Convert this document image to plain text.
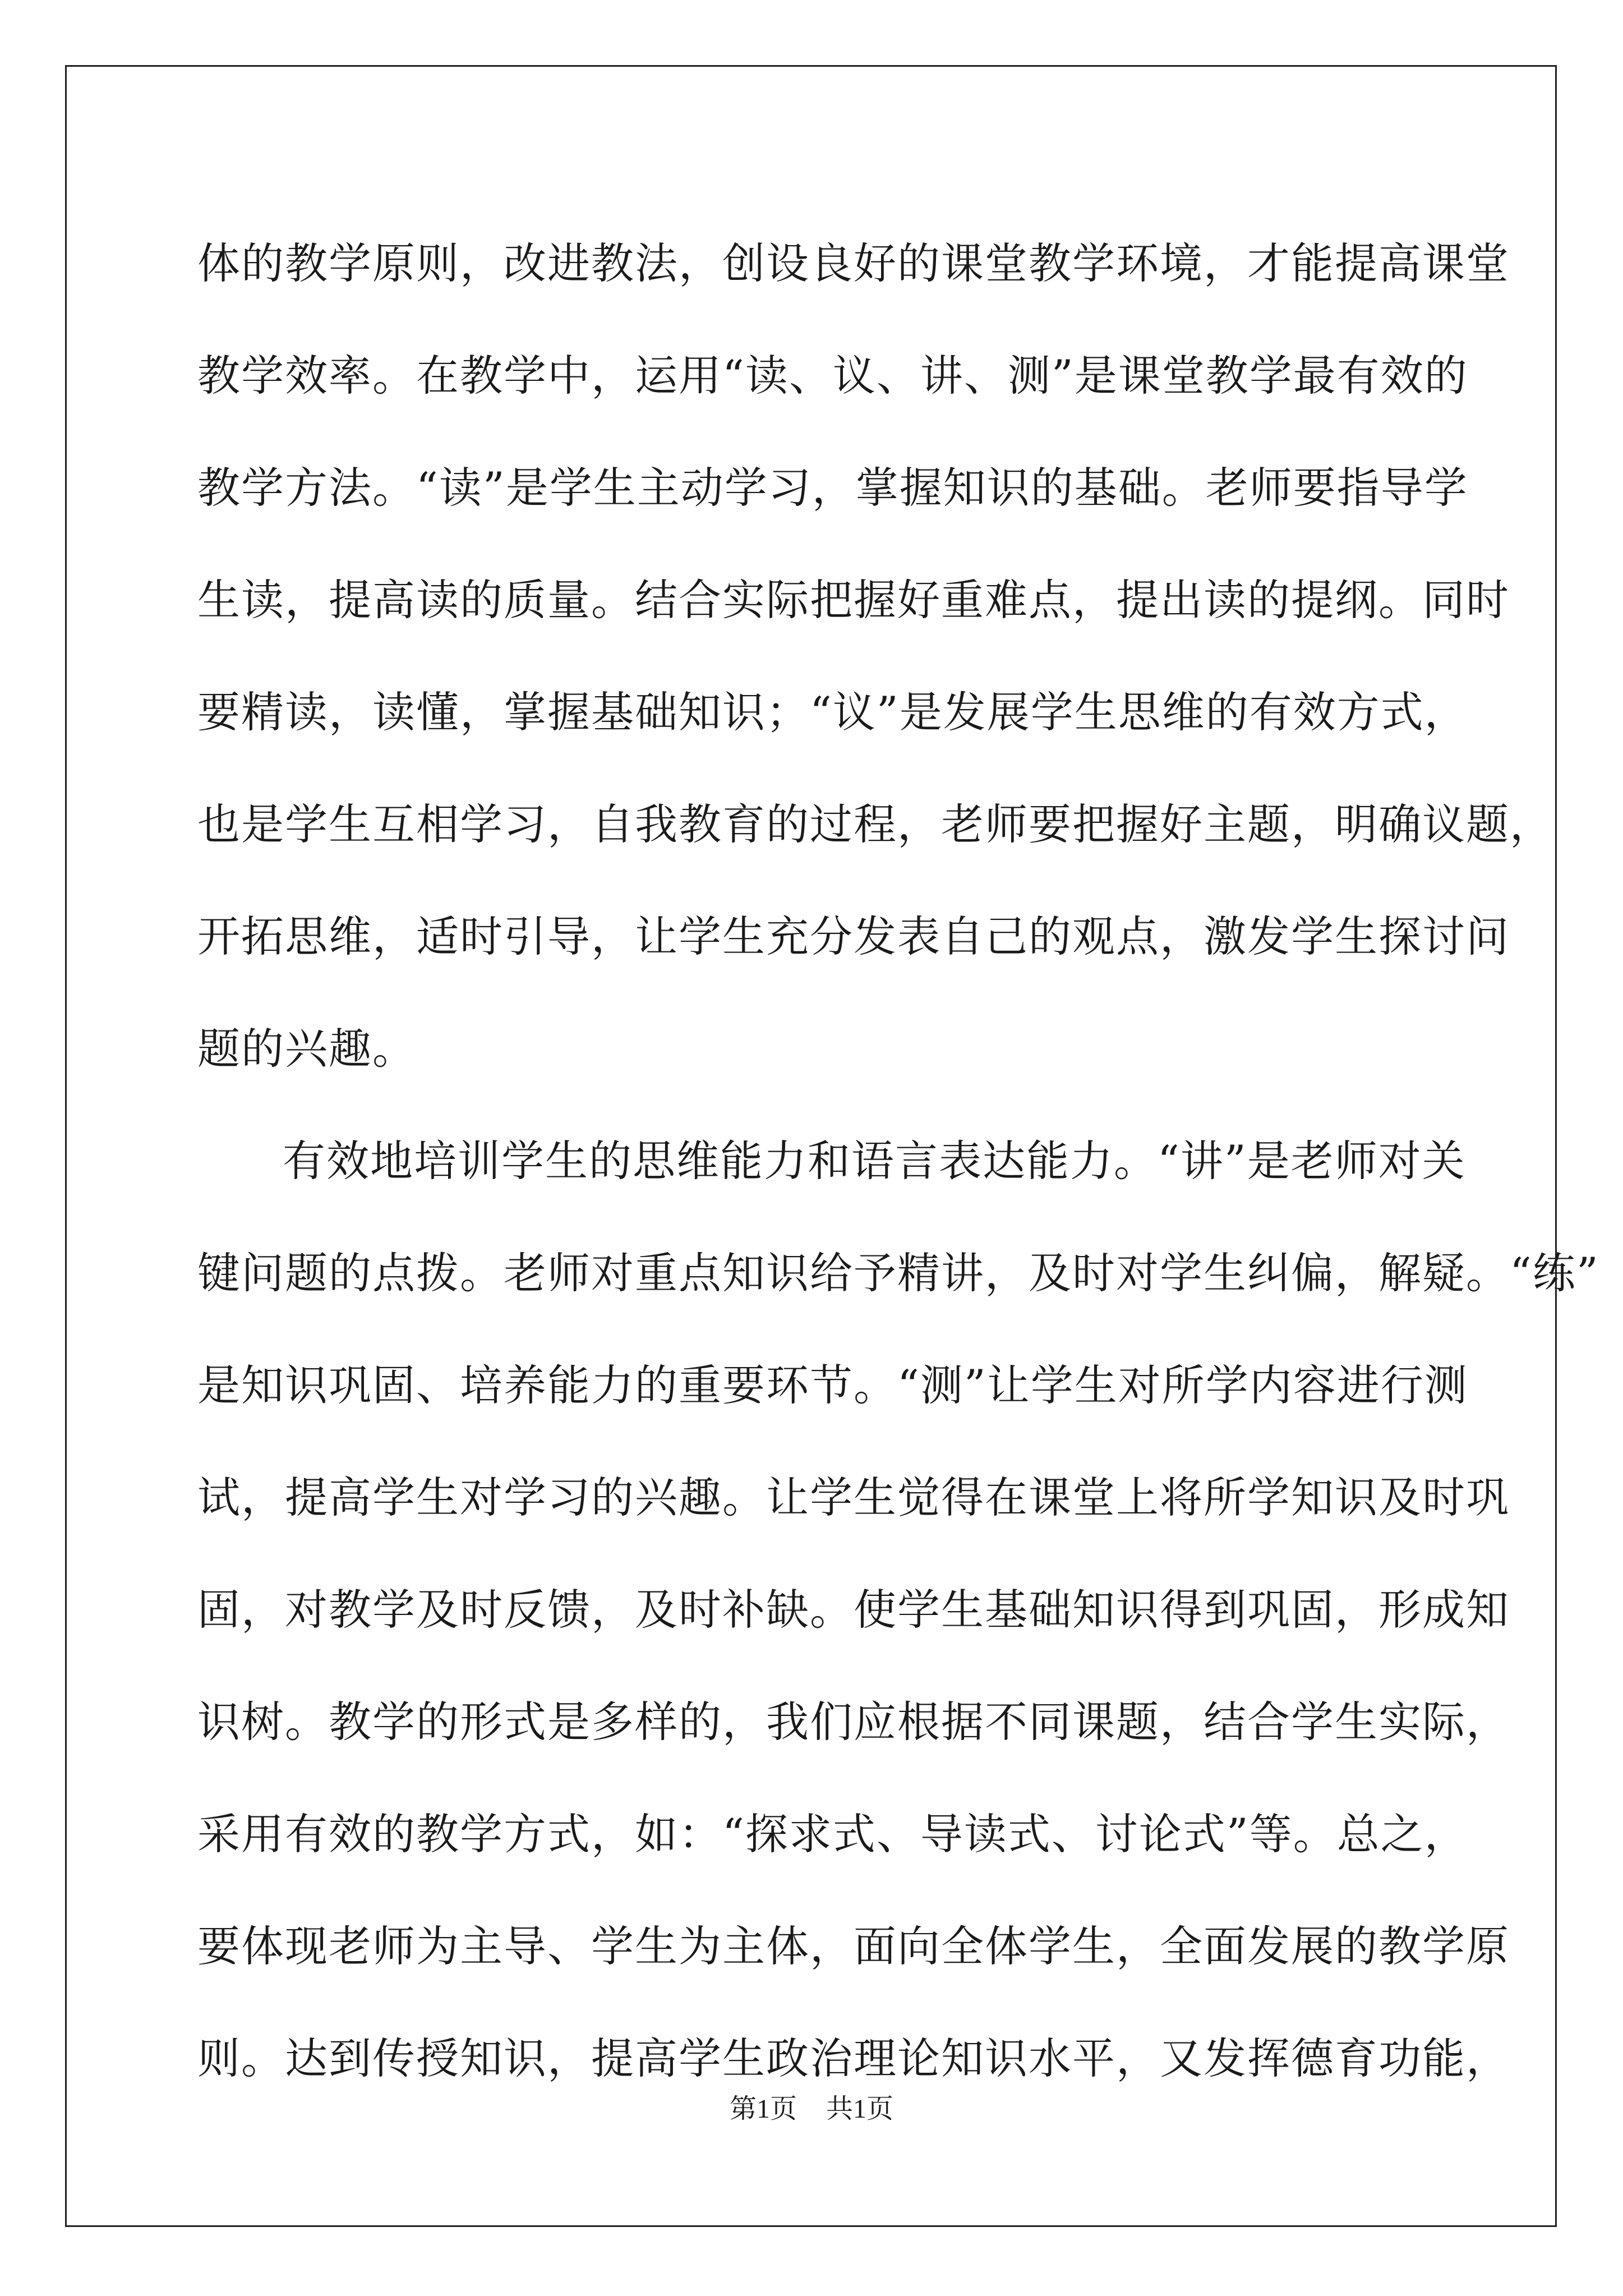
体的教学原则，改进教法，创设良好的课堂教学环境，才能提高课堂
教学效率。在教学中，运用“读、议、讲、测”是课堂教学最有效的
教学方法。“读”是学生主动学习，掌握知识的基础。老师要指导学
生读，提高读的质量。结合实际把握好重难点，提出读的提纲。同时
要精读，读懂，掌握基础知识；“议”是发展学生思维的有效方式，
也是学生互相学习，自我教育的过程，老师要把握好主题，明确议题，
开拓思维，适时引导，让学生充分发表自己的观点，激发学生探讨问
题的兴趣。
有效地培训学生的思维能力和语言表达能力。“讲”是老师对关
键问题的点拨。老师对重点知识给予精讲，及时对学生纠偏，解疑。“练”
是知识巩固、培养能力的重要环节。“测”让学生对所学内容进行测
试，提高学生对学习的兴趣。让学生觉得在课堂上将所学知识及时巩
固，对教学及时反馈，及时补缺。使学生基础知识得到巩固，形成知
识树。教学的形式是多样的，我们应根据不同课题，结合学生实际，
采用有效的教学方式，如：“探求式、导读式、讨论式”等。总之，
要体现老师为主导、学生为主体，面向全体学生，全面发展的教学原
则。达到传授知识，提高学生政治理论知识水平，又发挥德育功能，
第1页 共1页
